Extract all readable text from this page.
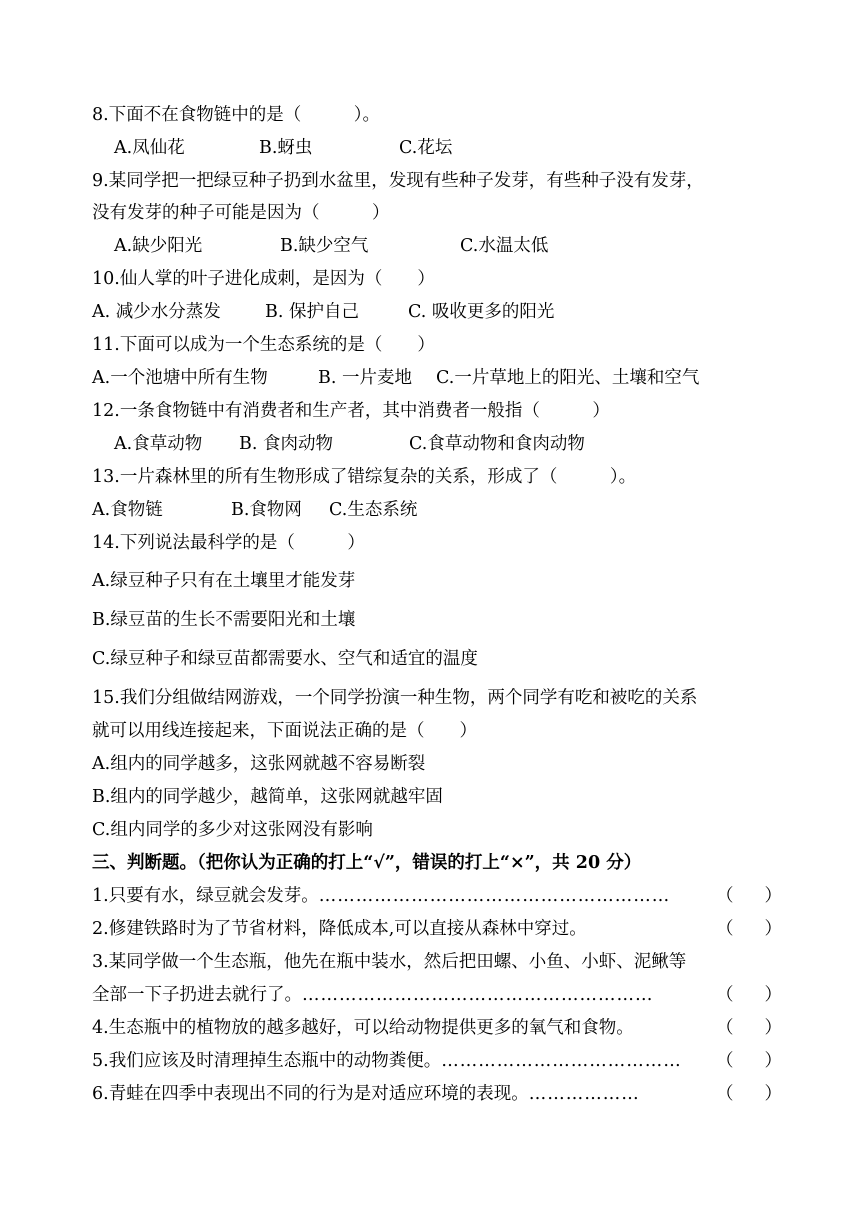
8.下面不在食物链中的是（　　　）。
A.凤仙花	B.蚜虫	C.花坛
9.某同学把一把绿豆种子扔到水盆里，发现有些种子发芽，有些种子没有发芽，
没有发芽的种子可能是因为（　　　）
A.缺少阳光	B.缺少空气	C.水温太低
10.仙人掌的叶子进化成刺，是因为（　　）
A. 减少水分蒸发	B. 保护自己	C. 吸收更多的阳光
11.下面可以成为一个生态系统的是（　　）
A.一个池塘中所有生物	B. 一片麦地 C.一片草地上的阳光、土壤和空气
12.一条食物链中有消费者和生产者，其中消费者一般指（　　　）
A.食草动物 B. 食肉动物	C.食草动物和食肉动物
13.一片森林里的所有生物形成了错综复杂的关系，形成了（　　　）。
A.食物链	B.食物网 C.生态系统
14.下列说法最科学的是（　　　）
A.绿豆种子只有在土壤里才能发芽
B.绿豆苗的生长不需要阳光和土壤
C.绿豆种子和绿豆苗都需要水、空气和适宜的温度
15.我们分组做结网游戏，一个同学扮演一种生物，两个同学有吃和被吃的关系
就可以用线连接起来，下面说法正确的是（　　）
A.组内的同学越多，这张网就越不容易断裂
B.组内的同学越少，越简单，这张网就越牢固
C.组内同学的多少对这张网没有影响
三、判断题。（把你认为正确的打上“√”，错误的打上“×”，共 20 分）
1.只要有水，绿豆就会发芽。 …………………………………………………	（ ）
2.修建铁路时为了节省材料，降低成本,可以直接从森林中穿过。	（ ）
3.某同学做一个生态瓶，他先在瓶中装水，然后把田螺、小鱼、小虾、泥鳅等
全部一下子扔进去就行了。 …………………………………………………	（ ）
4.生态瓶中的植物放的越多越好，可以给动物提供更多的氧气和食物。	（ ）
5.我们应该及时清理掉生态瓶中的动物粪便。 …………………………………	（ ）
6.青蛙在四季中表现出不同的行为是对适应环境的表现。 ………………	（ ）
